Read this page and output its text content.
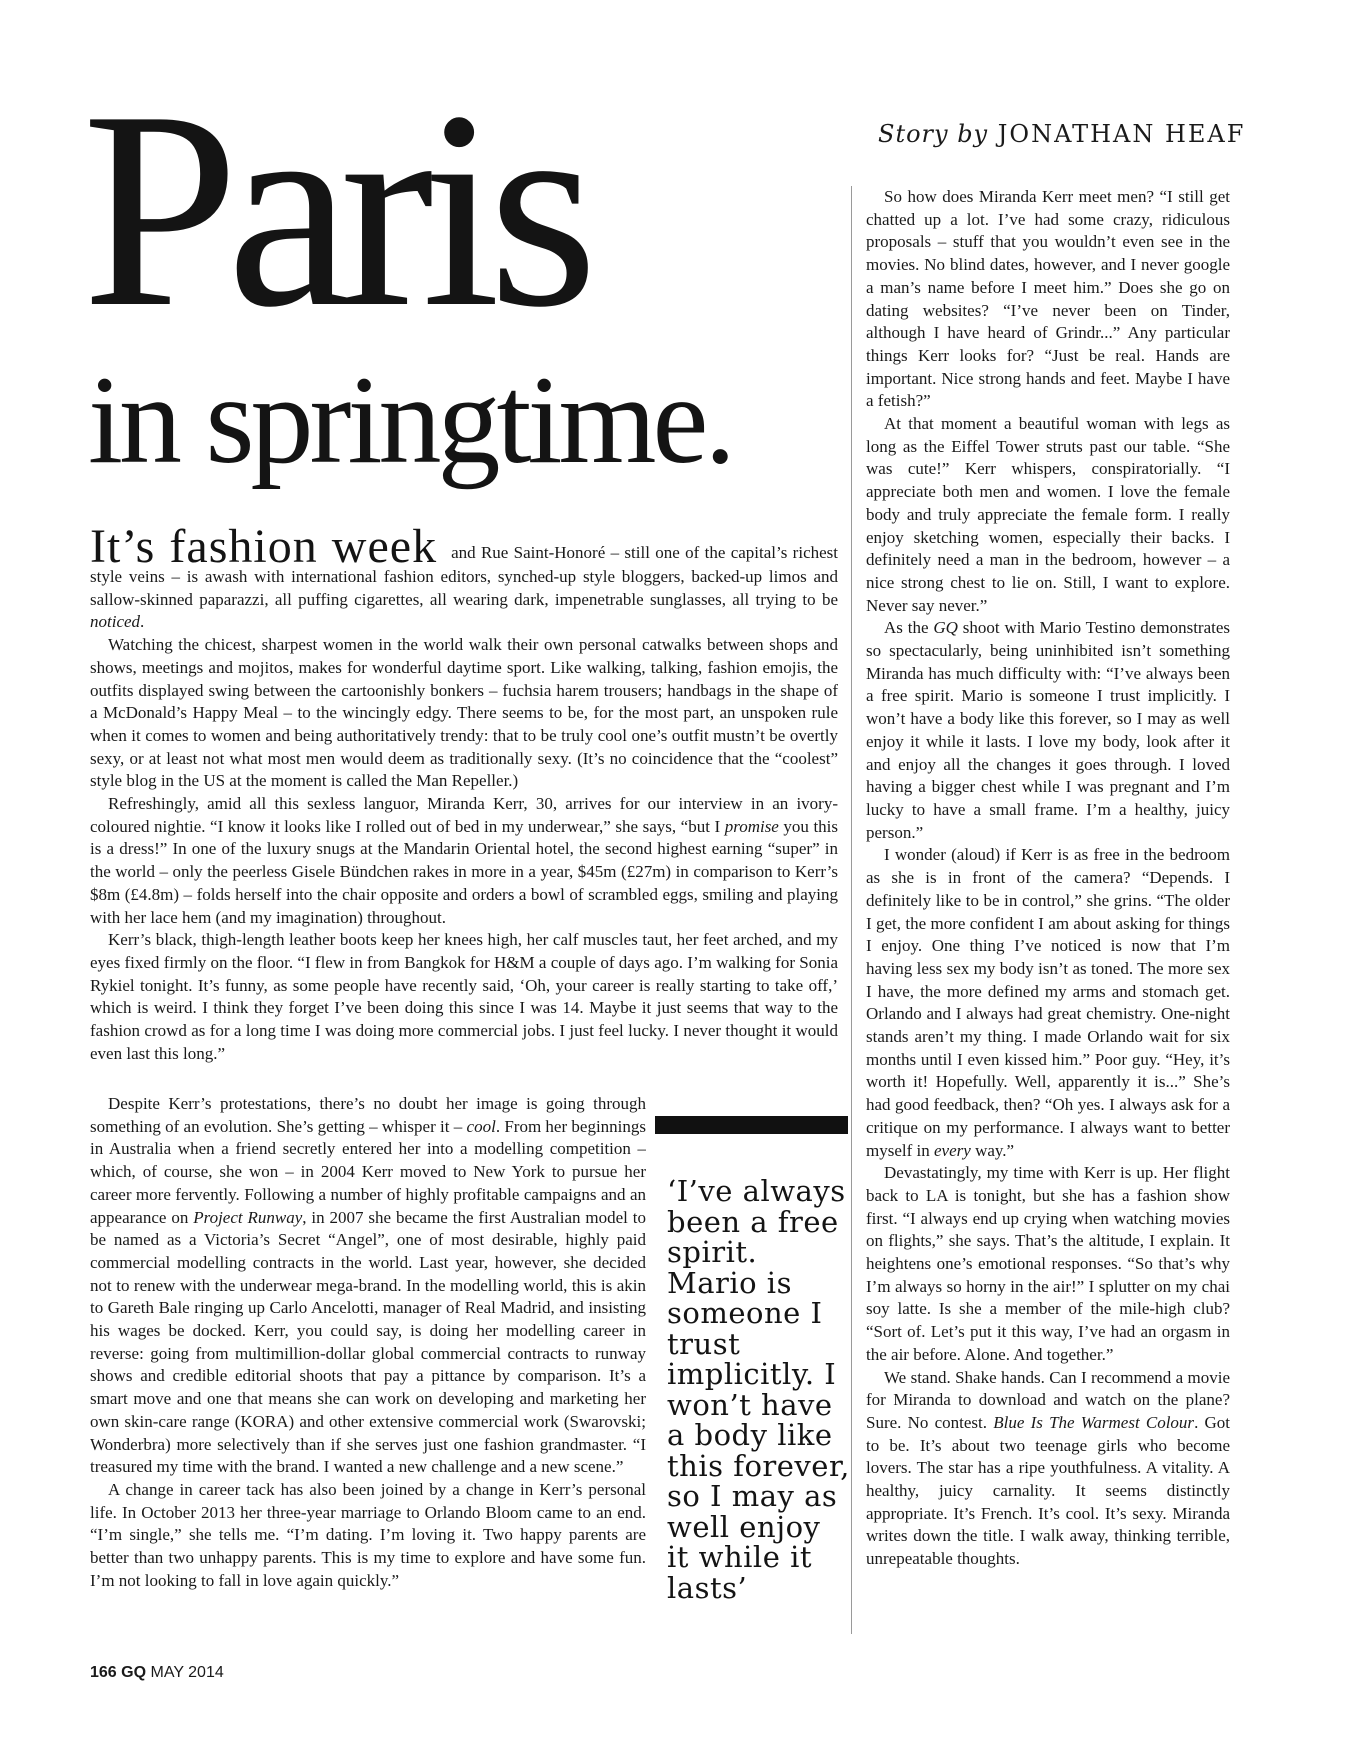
Story by JONATHAN HEAF
Paris
in springtime.

It’s fashion week and Rue Saint-Honoré – still one of the capital’s richest style veins – is awash with international fashion editors, synched-up style bloggers, backed-up limos and sallow-skinned paparazzi, all puffing cigarettes, all wearing dark, impenetrable sunglasses, all trying to be noticed.

Watching the chicest, sharpest women in the world walk their own personal catwalks between shops and shows, meetings and mojitos, makes for wonderful daytime sport. Like walking, talking, fashion emojis, the outfits displayed swing between the cartoonishly bonkers – fuchsia harem trousers; handbags in the shape of a McDonald’s Happy Meal – to the wincingly edgy. There seems to be, for the most part, an unspoken rule when it comes to women and being authoritatively trendy: that to be truly cool one’s outfit mustn’t be overtly sexy, or at least not what most men would deem as traditionally sexy. (It’s no coincidence that the “coolest” style blog in the US at the moment is called the Man Repeller.)

Refreshingly, amid all this sexless languor, Miranda Kerr, 30, arrives for our interview in an ivory-coloured nightie. “I know it looks like I rolled out of bed in my underwear,” she says, “but I promise you this is a dress!” In one of the luxury snugs at the Mandarin Oriental hotel, the second highest earning “super” in the world – only the peerless Gisele Bündchen rakes in more in a year, $45m (£27m) in comparison to Kerr’s $8m (£4.8m) – folds herself into the chair opposite and orders a bowl of scrambled eggs, smiling and playing with her lace hem (and my imagination) throughout.

Kerr’s black, thigh-length leather boots keep her knees high, her calf muscles taut, her feet arched, and my eyes fixed firmly on the floor. “I flew in from Bangkok for H&M a couple of days ago. I’m walking for Sonia Rykiel tonight. It’s funny, as some people have recently said, ‘Oh, your career is really starting to take off,’ which is weird. I think they forget I’ve been doing this since I was 14. Maybe it just seems that way to the fashion crowd as for a long time I was doing more commercial jobs. I just feel lucky. I never thought it would even last this long.”

Despite Kerr’s protestations, there’s no doubt her image is going through something of an evolution. She’s getting – whisper it – cool. From her beginnings in Australia when a friend secretly entered her into a modelling competition – which, of course, she won – in 2004 Kerr moved to New York to pursue her career more fervently. Following a number of highly profitable campaigns and an appearance on Project Runway, in 2007 she became the first Australian model to be named as a Victoria’s Secret “Angel”, one of most desirable, highly paid commercial modelling contracts in the world. Last year, however, she decided not to renew with the underwear mega-brand. In the modelling world, this is akin to Gareth Bale ringing up Carlo Ancelotti, manager of Real Madrid, and insisting his wages be docked. Kerr, you could say, is doing her modelling career in reverse: going from multimillion-dollar global commercial contracts to runway shows and credible editorial shoots that pay a pittance by comparison. It’s a smart move and one that means she can work on developing and marketing her own skin-care range (KORA) and other extensive commercial work (Swarovski; Wonderbra) more selectively than if she serves just one fashion grandmaster. “I treasured my time with the brand. I wanted a new challenge and a new scene.”

A change in career tack has also been joined by a change in Kerr’s personal life. In October 2013 her three-year marriage to Orlando Bloom came to an end. “I’m single,” she tells me. “I’m dating. I’m loving it. Two happy parents are better than two unhappy parents. This is my time to explore and have some fun. I’m not looking to fall in love again quickly.”

‘I’ve always been a free spirit. Mario is someone I trust implicitly. I won’t have a body like this forever, so I may as well enjoy it while it lasts’

So how does Miranda Kerr meet men? “I still get chatted up a lot. I’ve had some crazy, ridiculous proposals – stuff that you wouldn’t even see in the movies. No blind dates, however, and I never google a man’s name before I meet him.” Does she go on dating websites? “I’ve never been on Tinder, although I have heard of Grindr...” Any particular things Kerr looks for? “Just be real. Hands are important. Nice strong hands and feet. Maybe I have a fetish?”

At that moment a beautiful woman with legs as long as the Eiffel Tower struts past our table. “She was cute!” Kerr whispers, conspiratorially. “I appreciate both men and women. I love the female body and truly appreciate the female form. I really enjoy sketching women, especially their backs. I definitely need a man in the bedroom, however – a nice strong chest to lie on. Still, I want to explore. Never say never.”

As the GQ shoot with Mario Testino demonstrates so spectacularly, being uninhibited isn’t something Miranda has much difficulty with: “I’ve always been a free spirit. Mario is someone I trust implicitly. I won’t have a body like this forever, so I may as well enjoy it while it lasts. I love my body, look after it and enjoy all the changes it goes through. I loved having a bigger chest while I was pregnant and I’m lucky to have a small frame. I’m a healthy, juicy person.”

I wonder (aloud) if Kerr is as free in the bedroom as she is in front of the camera? “Depends. I definitely like to be in control,” she grins. “The older I get, the more confident I am about asking for things I enjoy. One thing I’ve noticed is now that I’m having less sex my body isn’t as toned. The more sex I have, the more defined my arms and stomach get. Orlando and I always had great chemistry. One-night stands aren’t my thing. I made Orlando wait for six months until I even kissed him.” Poor guy. “Hey, it’s worth it! Hopefully. Well, apparently it is...” She’s had good feedback, then? “Oh yes. I always ask for a critique on my performance. I always want to better myself in every way.”

Devastatingly, my time with Kerr is up. Her flight back to LA is tonight, but she has a fashion show first. “I always end up crying when watching movies on flights,” she says. That’s the altitude, I explain. It heightens one’s emotional responses. “So that’s why I’m always so horny in the air!” I splutter on my chai soy latte. Is she a member of the mile-high club? “Sort of. Let’s put it this way, I’ve had an orgasm in the air before. Alone. And together.”

We stand. Shake hands. Can I recommend a movie for Miranda to download and watch on the plane? Sure. No contest. Blue Is The Warmest Colour. Got to be. It’s about two teenage girls who become lovers. The star has a ripe youthfulness. A vitality. A healthy, juicy carnality. It seems distinctly appropriate. It’s French. It’s cool. It’s sexy. Miranda writes down the title. I walk away, thinking terrible, unrepeatable thoughts.

166 GQ MAY 2014
